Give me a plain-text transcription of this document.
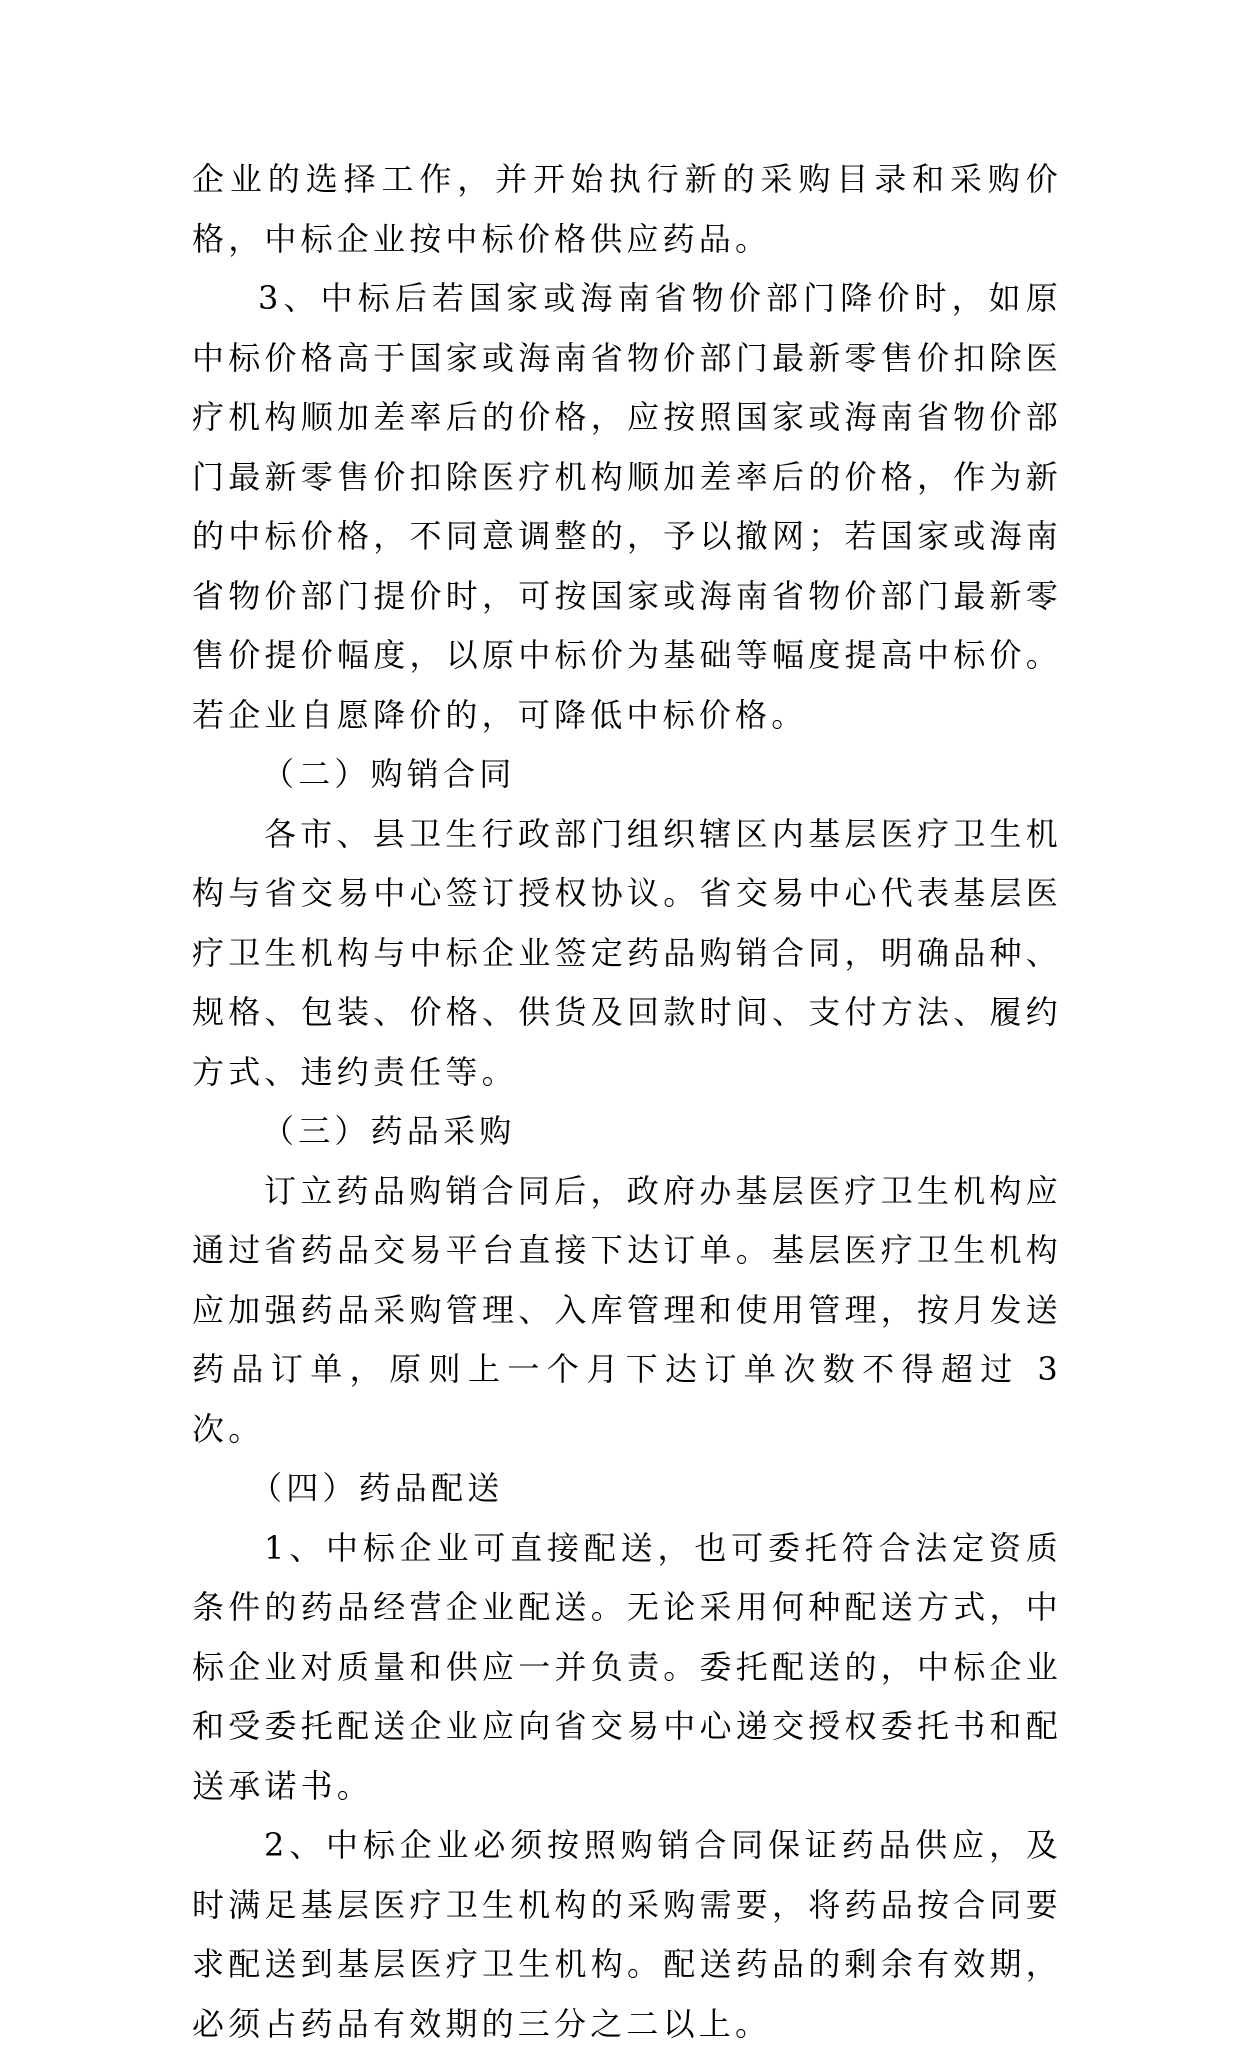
企业的选择工作，并开始执行新的采购目录和采购价格，中标企业按中标价格供应药品。

3、中标后若国家或海南省物价部门降价时，如原中标价格高于国家或海南省物价部门最新零售价扣除医疗机构顺加差率后的价格，应按照国家或海南省物价部门最新零售价扣除医疗机构顺加差率后的价格，作为新的中标价格，不同意调整的，予以撤网；若国家或海南省物价部门提价时，可按国家或海南省物价部门最新零售价提价幅度，以原中标价为基础等幅度提高中标价。若企业自愿降价的，可降低中标价格。

（二）购销合同

各市、县卫生行政部门组织辖区内基层医疗卫生机构与省交易中心签订授权协议。省交易中心代表基层医疗卫生机构与中标企业签定药品购销合同，明确品种、规格、包装、价格、供货及回款时间、支付方法、履约方式、违约责任等。

（三）药品采购

订立药品购销合同后，政府办基层医疗卫生机构应通过省药品交易平台直接下达订单。基层医疗卫生机构应加强药品采购管理、入库管理和使用管理，按月发送药品订单，原则上一个月下达订单次数不得超过 3 次。

（四）药品配送

1、中标企业可直接配送，也可委托符合法定资质条件的药品经营企业配送。无论采用何种配送方式，中标企业对质量和供应一并负责。委托配送的，中标企业和受委托配送企业应向省交易中心递交授权委托书和配送承诺书。

2、中标企业必须按照购销合同保证药品供应，及时满足基层医疗卫生机构的采购需要，将药品按合同要求配送到基层医疗卫生机构。配送药品的剩余有效期，必须占药品有效期的三分之二以上。
